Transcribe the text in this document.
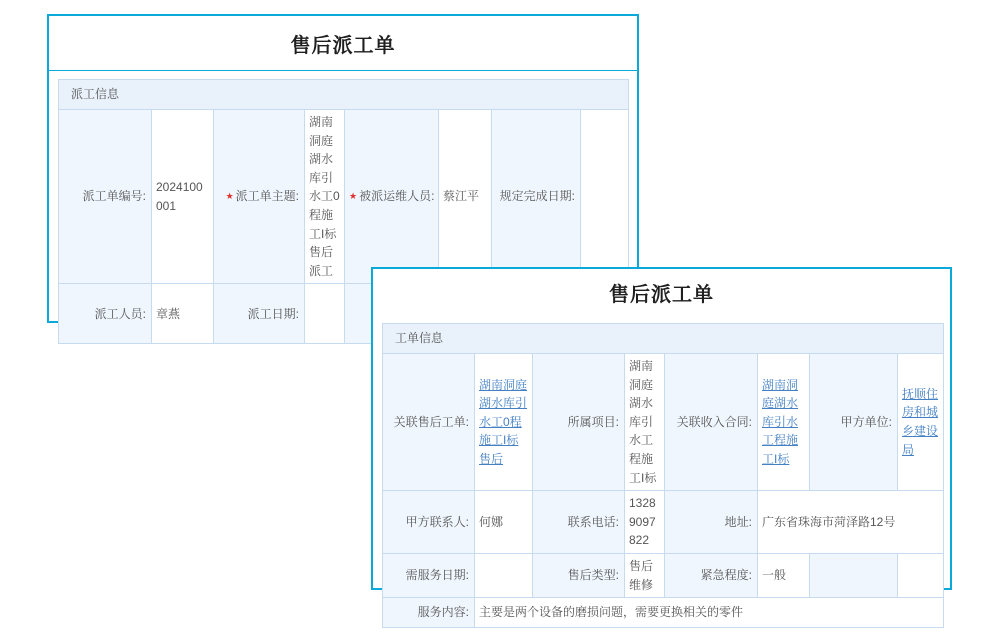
售后派工单
派工信息							
派工单编号:	2024100001	★ 派工单主题:	湖南洞庭湖水库引水工0程施工I标售后派工	★ 被派运维人员:	蔡江平	规定完成日期:	
派工人员:	章燕	派工日期:					
售后派工单
工单信息							
关联售后工单:	湖南洞庭湖水库引水工0程施工I标售后	所属项目:	湖南洞庭湖水库引水工程施工I标	关联收入合同:	湖南洞庭湖水库引水工程施工I标	甲方单位:	抚顺住房和城乡建设局
甲方联系人:	何娜	联系电话:	13289097822	地址:	广东省珠海市菏泽路12号		
需服务日期:		售后类型:	售后维修	紧急程度:	一般		
服务内容:	主要是两个设备的磨损问题，需要更换相关的零件						
